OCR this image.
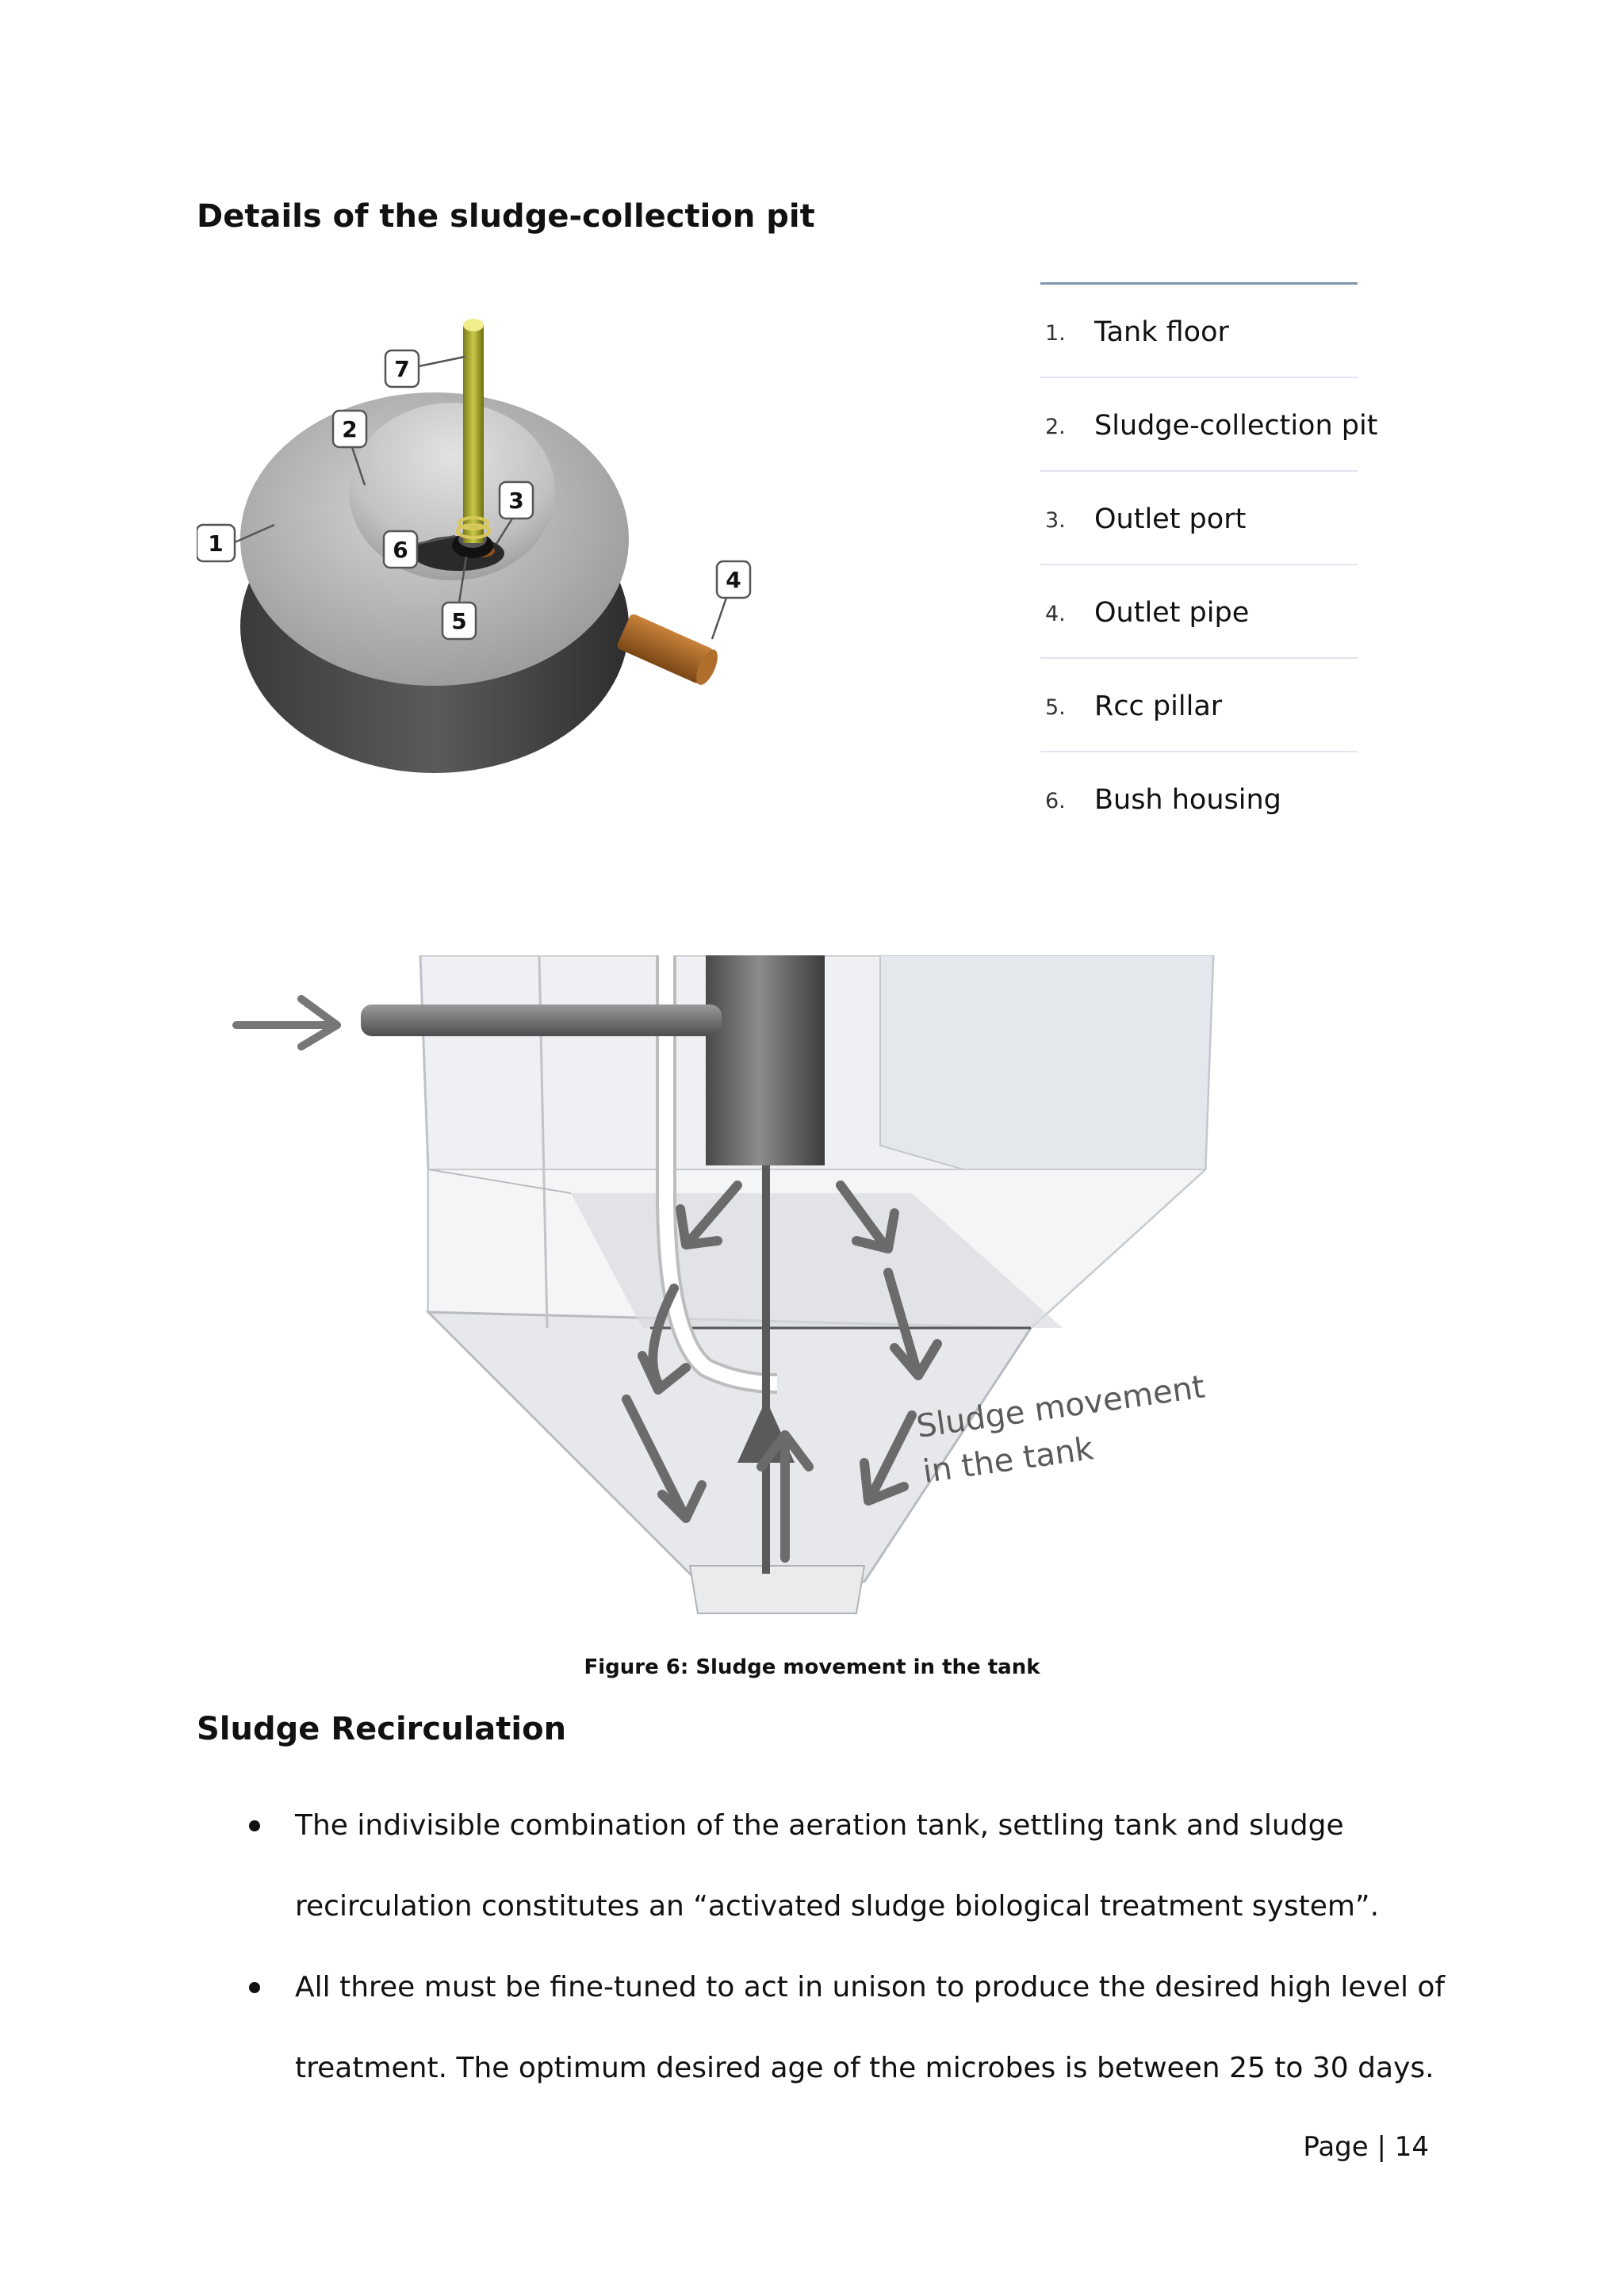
Details of the sludge-collection pit
7
2
3
6
1
5
4
1. Tank floor
2. Sludge-collection pit
3. Outlet port
4. Outlet pipe
5. Rcc pillar
6. Bush housing
Sludge movement
in the tank
Figure 6: Sludge movement in the tank
Sludge Recirculation
The indivisible combination of the aeration tank, settling tank and sludge
recirculation constitutes an “activated sludge biological treatment system”.
All three must be fine-tuned to act in unison to produce the desired high level of
treatment. The optimum desired age of the microbes is between 25 to 30 days.
Page | 14
